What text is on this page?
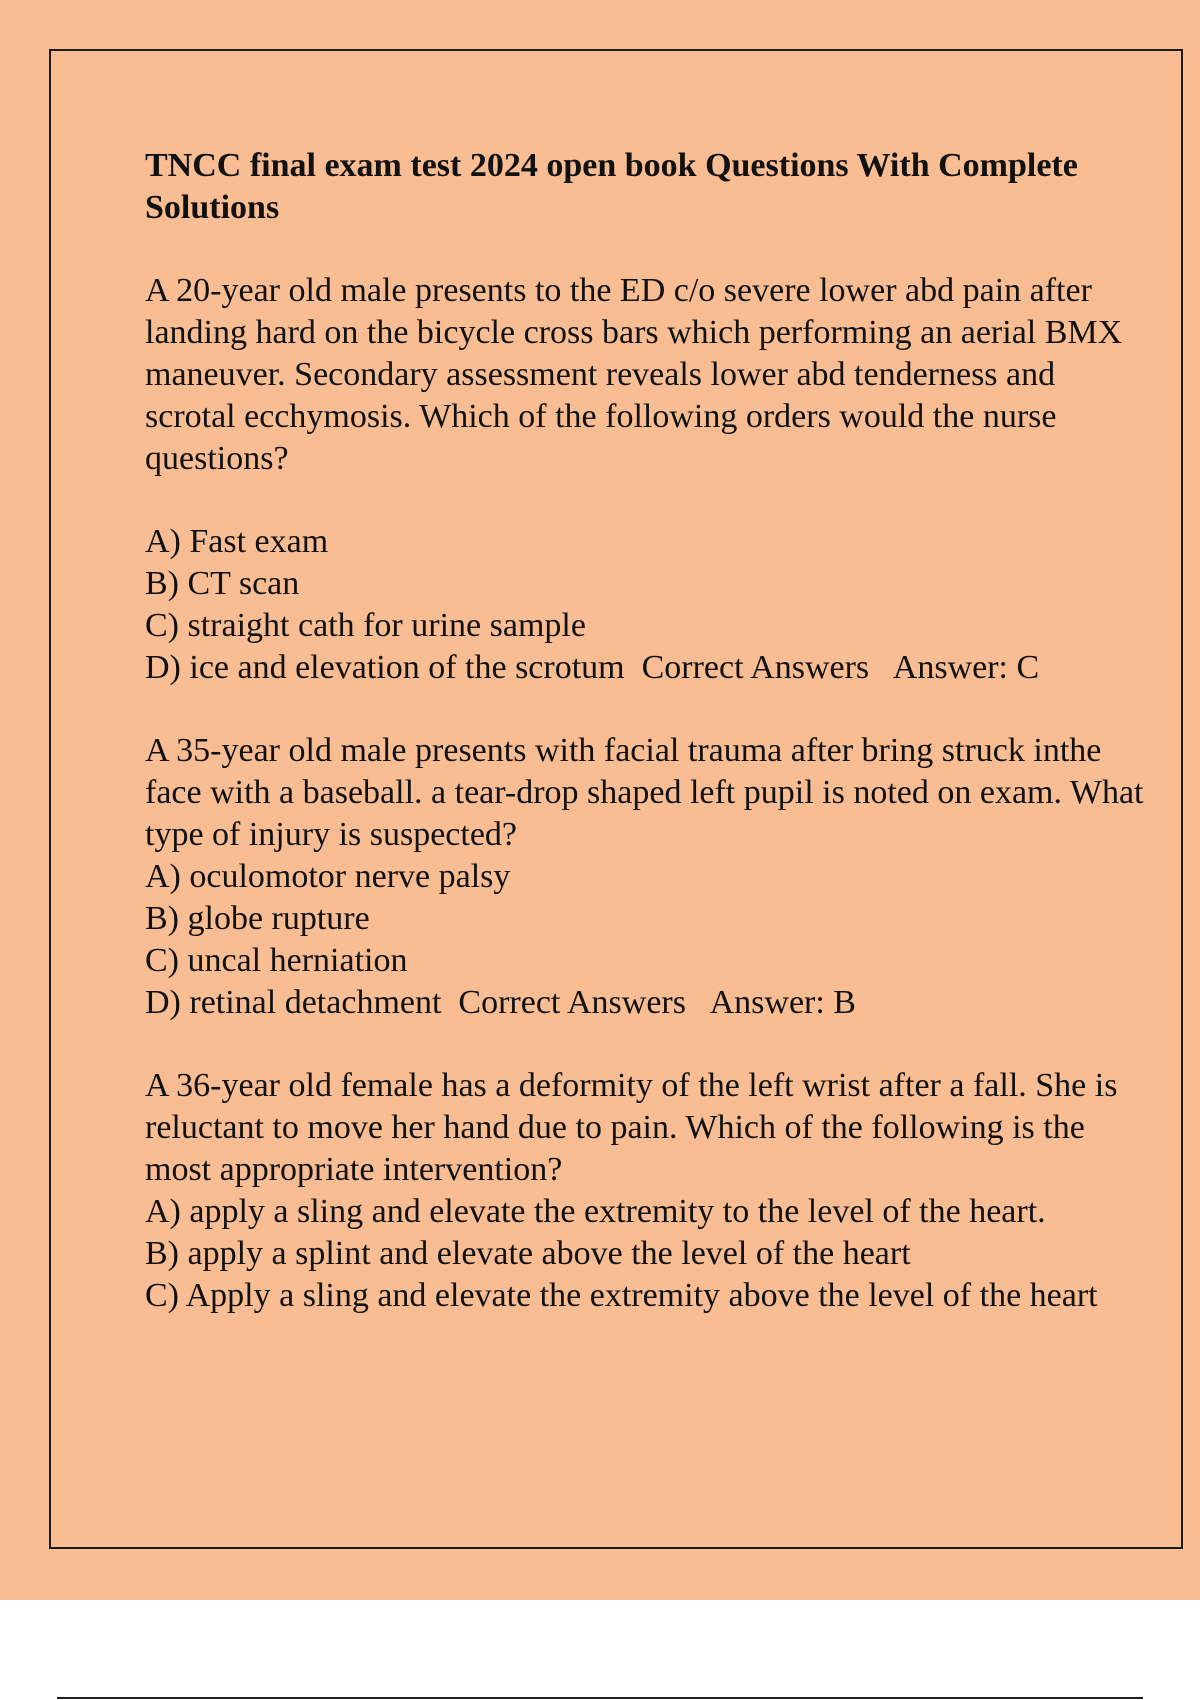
TNCC final exam test 2024 open book Questions With Complete Solutions

A 20-year old male presents to the ED c/o severe lower abd pain after landing hard on the bicycle cross bars which performing an aerial BMX maneuver. Secondary assessment reveals lower abd tenderness and scrotal ecchymosis. Which of the following orders would the nurse questions?

A) Fast exam
B) CT scan
C) straight cath for urine sample
D) ice and elevation of the scrotum  Correct Answers   Answer: C

A 35-year old male presents with facial trauma after bring struck inthe face with a baseball. a tear-drop shaped left pupil is noted on exam. What type of injury is suspected?

A) oculomotor nerve palsy
B) globe rupture
C) uncal herniation
D) retinal detachment  Correct Answers   Answer: B

A 36-year old female has a deformity of the left wrist after a fall. She is reluctant to move her hand due to pain. Which of the following is the most appropriate intervention?

A) apply a sling and elevate the extremity to the level of the heart.
B) apply a splint and elevate above the level of the heart
C) Apply a sling and elevate the extremity above the level of the heart
